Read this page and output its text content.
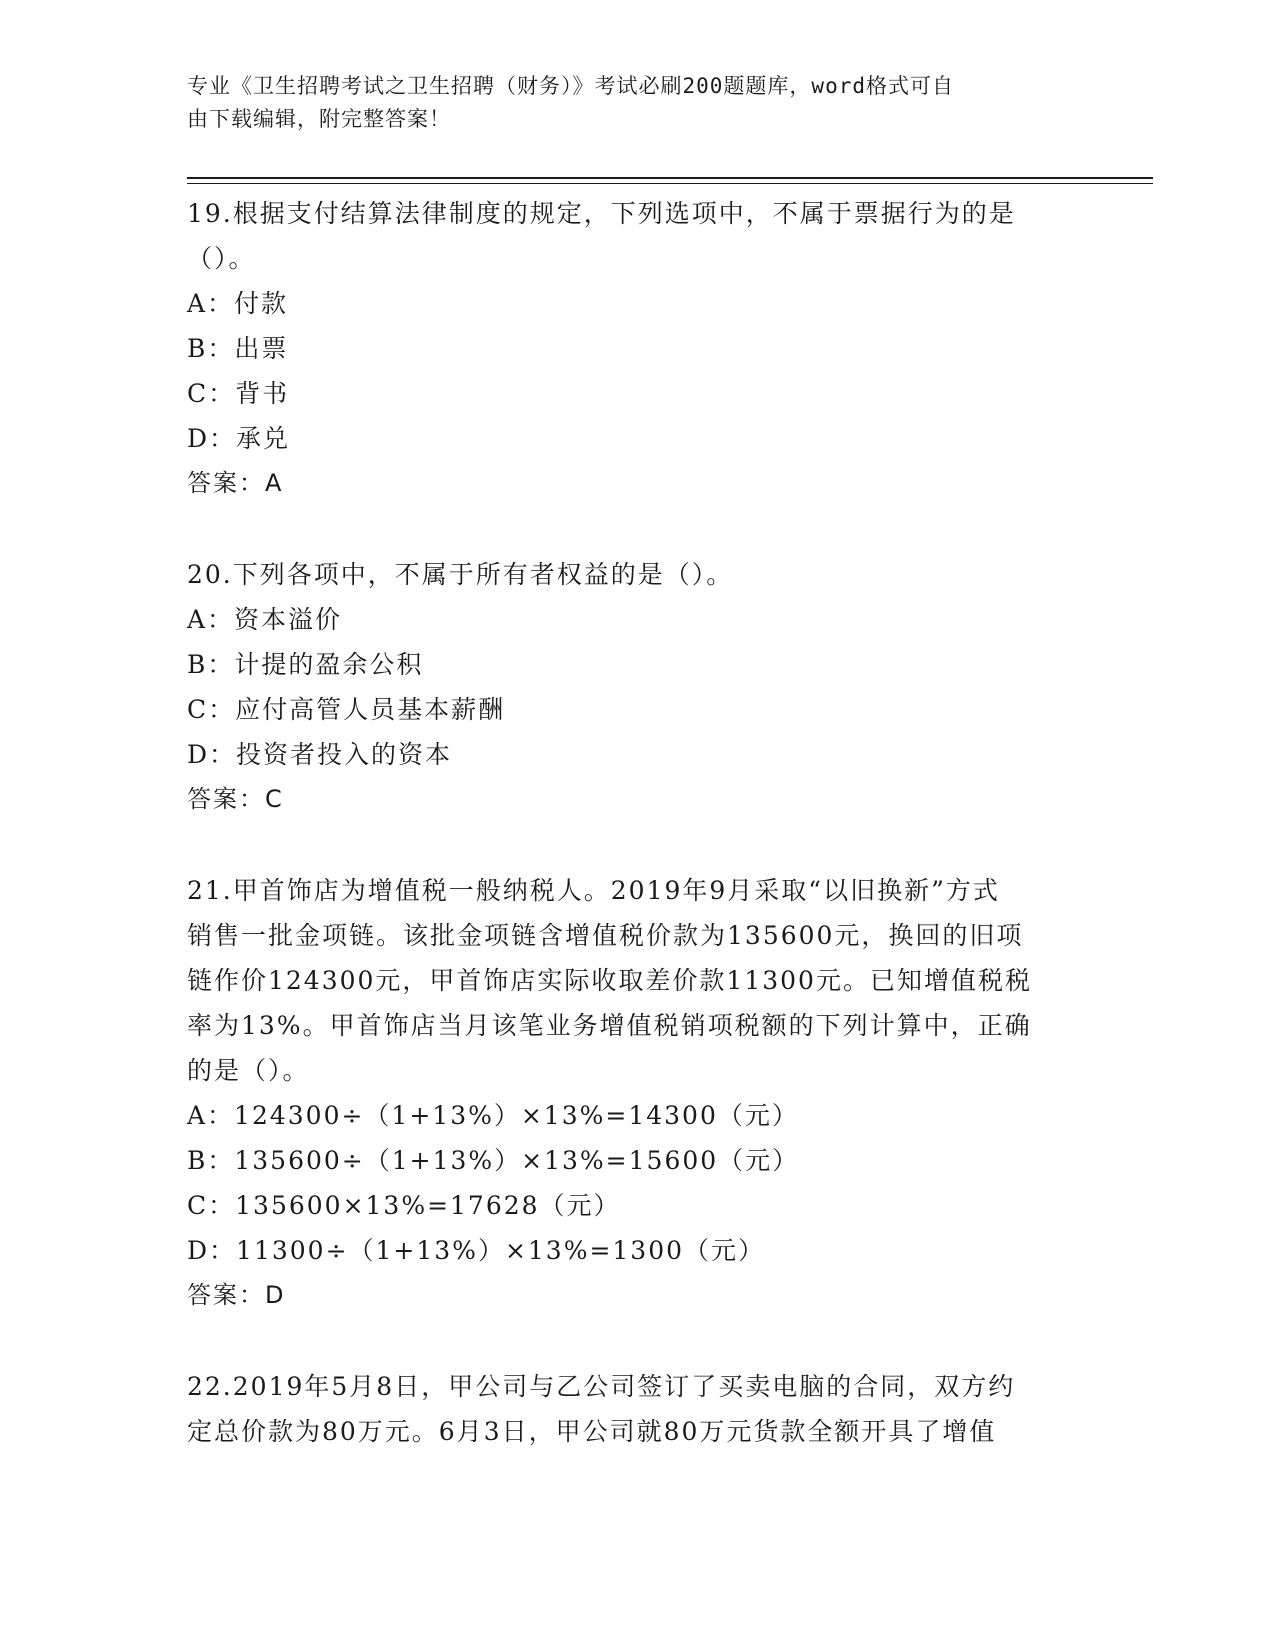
专业《卫生招聘考试之卫生招聘（财务）》考试必刷200题题库，word格式可自
由下载编辑，附完整答案！

19.根据支付结算法律制度的规定，下列选项中，不属于票据行为的是

（）。

A：付款

B：出票

C：背书

D：承兑

答案：A

20.下列各项中，不属于所有者权益的是（）。

A：资本溢价

B：计提的盈余公积

C：应付高管人员基本薪酬

D：投资者投入的资本

答案：C

21.甲首饰店为增值税一般纳税人。2019年9月采取“以旧换新”方式

销售一批金项链。该批金项链含增值税价款为135600元，换回的旧项

链作价124300元，甲首饰店实际收取差价款11300元。已知增值税税

率为13%。甲首饰店当月该笔业务增值税销项税额的下列计算中，正确

的是（）。

A：124300÷（1+13%）×13%=14300（元）

B：135600÷（1+13%）×13%=15600（元）

C：135600×13%=17628（元）

D：11300÷（1+13%）×13%=1300（元）

答案：D

22.2019年5月8日，甲公司与乙公司签订了买卖电脑的合同，双方约

定总价款为80万元。6月3日，甲公司就80万元货款全额开具了增值
